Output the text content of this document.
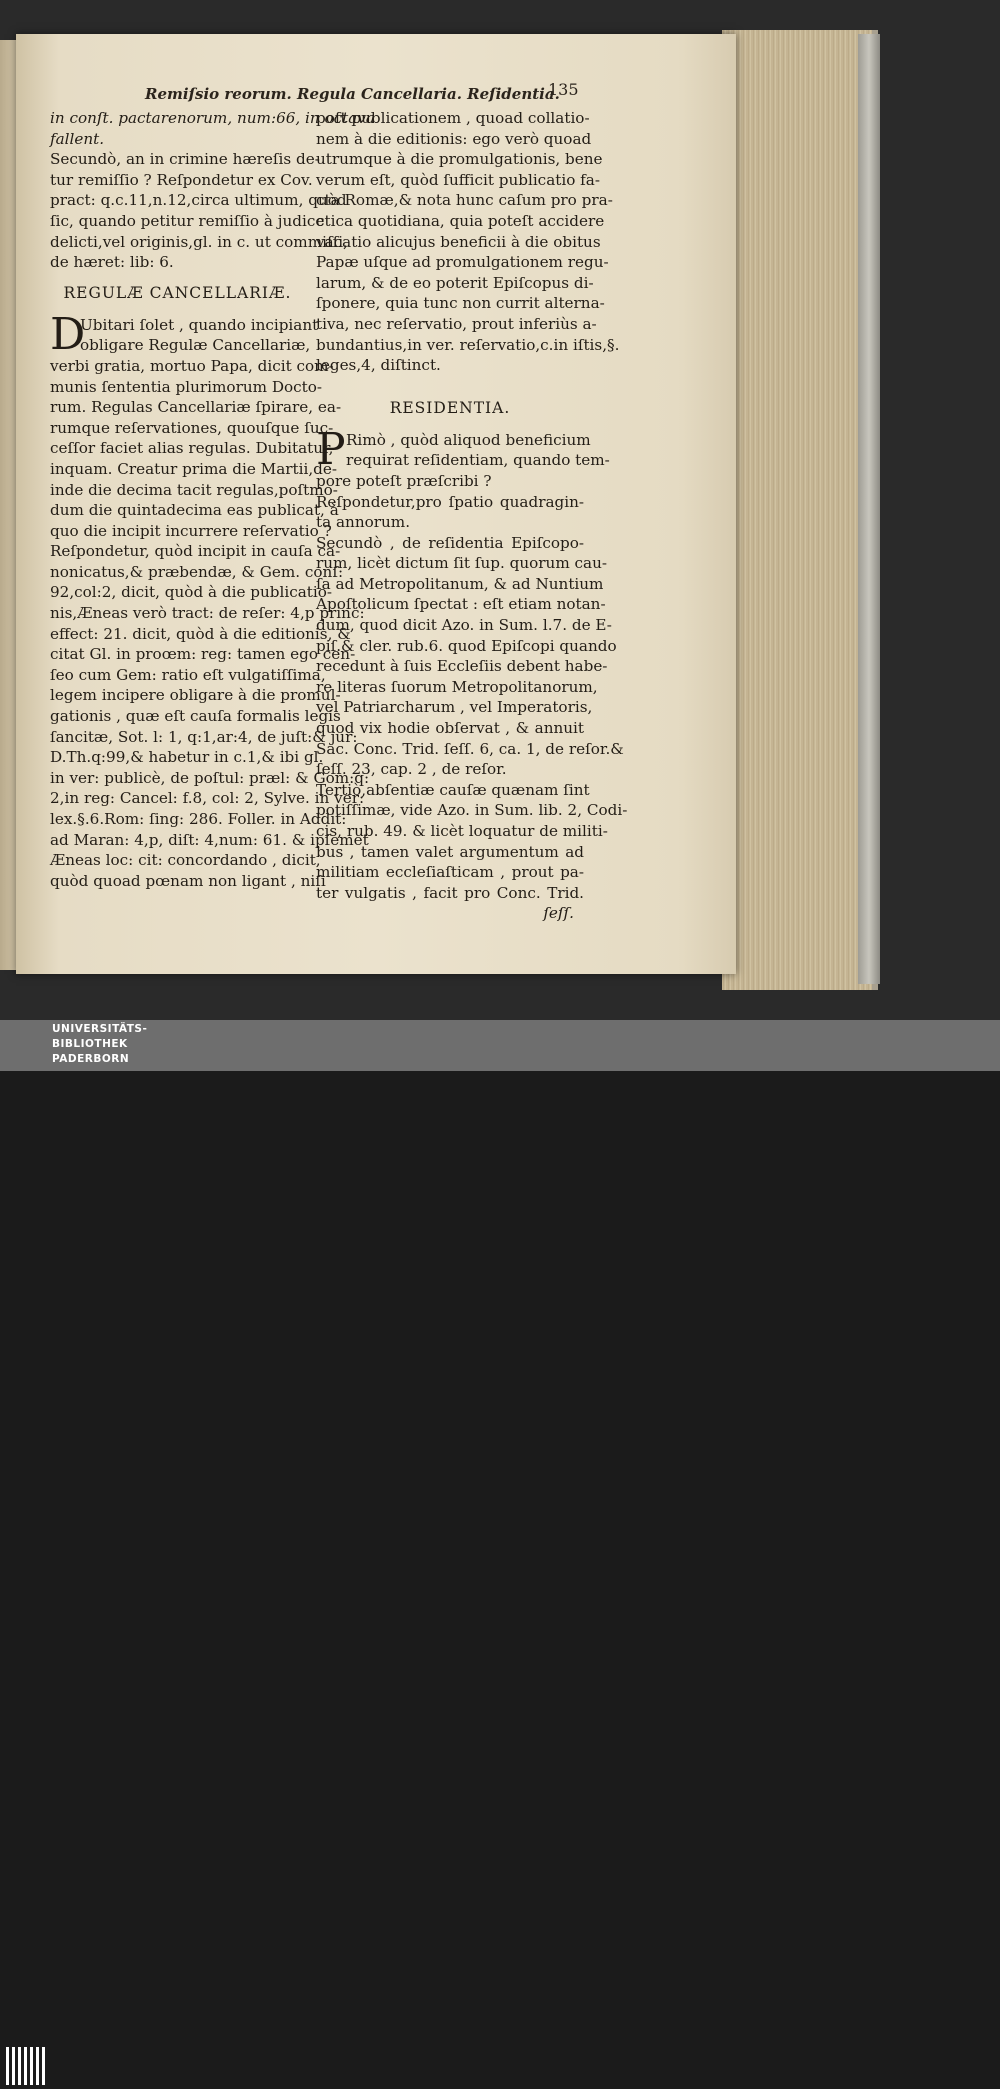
Remiſsio reorum. Regula Cancellaria. Reſidentia.
135
in conſt. pactarenorum, num:66, in octava
fallent.
Secundò, an in crimine hæreſis de-
tur remiſſio ? Reſpondetur ex Cov.
pract: q.c.11,n.12,circa ultimum, quòd
ſic, quando petitur remiſſio à judice
delicti,vel originis,gl. in c. ut commiſſi,
de hæret: lib: 6.
REGULÆ CANCELLARIÆ.
D
Ubitari ſolet , quando incipiant
obligare Regulæ Cancellariæ,
verbi gratia, mortuo Papa, dicit com-
munis ſententia plurimorum Docto-
rum. Regulas Cancellariæ ſpirare, ea-
rumque reſervationes, quouſque ſuc-
ceſſor faciet alias regulas. Dubitatur,
inquam. Creatur prima die Martii,de-
inde die decima tacit regulas,poſtmo-
dum die quintadecima eas publicat, à
quo die incipit incurrere reſervatio ?
Reſpondetur, quòd incipit in cauſa ca-
nonicatus,& præbendæ, & Gem. conſ:
92,col:2, dicit, quòd à die publicatio-
nis,Æneas verò tract: de reſer: 4,p princ:
effect: 21. dicit, quòd à die editionis, &
citat Gl. in proœm: reg: tamen ego cen-
ſeo cum Gem: ratio eſt vulgatiſſima,
legem incipere obligare à die promul-
gationis , quæ eſt cauſa formalis legis
ſancitæ, Sot. l: 1, q:1,ar:4, de juſt:& jur:
D.Th.q:99,& habetur in c.1,& ibi gl.
in ver: publicè, de poſtul: præl: & Gom:q:
2,in reg: Cancel: f.8, col: 2, Sylve. in ver:
lex.§.6.Rom: ſing: 286. Foller. in Addit:
ad Maran: 4,p, diſt: 4,num: 61. & ipſemet
Æneas loc: cit: concordando , dicit,
quòd quoad pœnam non ligant , niſi
poſt publicationem , quoad collatio-
nem à die editionis: ego verò quoad
utrumque à die promulgationis, bene
verum eſt, quòd ſufficit publicatio fa-
cta Romæ,& nota hunc caſum pro pra-
ctica quotidiana, quia poteſt accidere
vacatio alicujus beneficii à die obitus
Papæ uſque ad promulgationem regu-
larum, & de eo poterit Epiſcopus di-
ſponere, quia tunc non currit alterna-
tiva, nec reſervatio, prout inferiùs a-
bundantius,in ver. reſervatio,c.in iſtis,§.
leges,4, diſtinct.
RESIDENTIA.
P Rimò , quòd aliquod beneficium
requirat reſidentiam, quando tem-
pore poteſt præſcribi ?
Reſpondetur,pro ſpatio quadragin-
ta annorum.
Secundò , de reſidentia Epiſcopo-
rum, licèt dictum ſit ſup. quorum cau-
ſa ad Metropolitanum, & ad Nuntium
Apoſtolicum ſpectat : eſt etiam notan-
dum, quod dicit Azo. in Sum. l.7. de E-
piſ.& cler. rub.6. quod Epiſcopi quando
recedunt à ſuis Eccleſiis debent habe-
re literas ſuorum Metropolitanorum,
vel Patriarcharum , vel Imperatoris,
quod vix hodie obſervat , & annuit
Sac. Conc. Trid. ſeſſ. 6, ca. 1, de reſor.&
ſeſſ. 23, cap. 2 , de reſor.
Tertiò,abſentiæ cauſæ quænam ſint
potiſſimæ, vide Azo. in Sum. lib. 2, Codi-
cis, rub. 49. & licèt loquatur de militi-
bus , tamen valet argumentum ad
militiam eccleſiaſticam , prout pa-
ter vulgatis , facit pro Conc. Trid.
ſeſſ.
UNIVERSITÄTS-
BIBLIOTHEK
PADERBORN
